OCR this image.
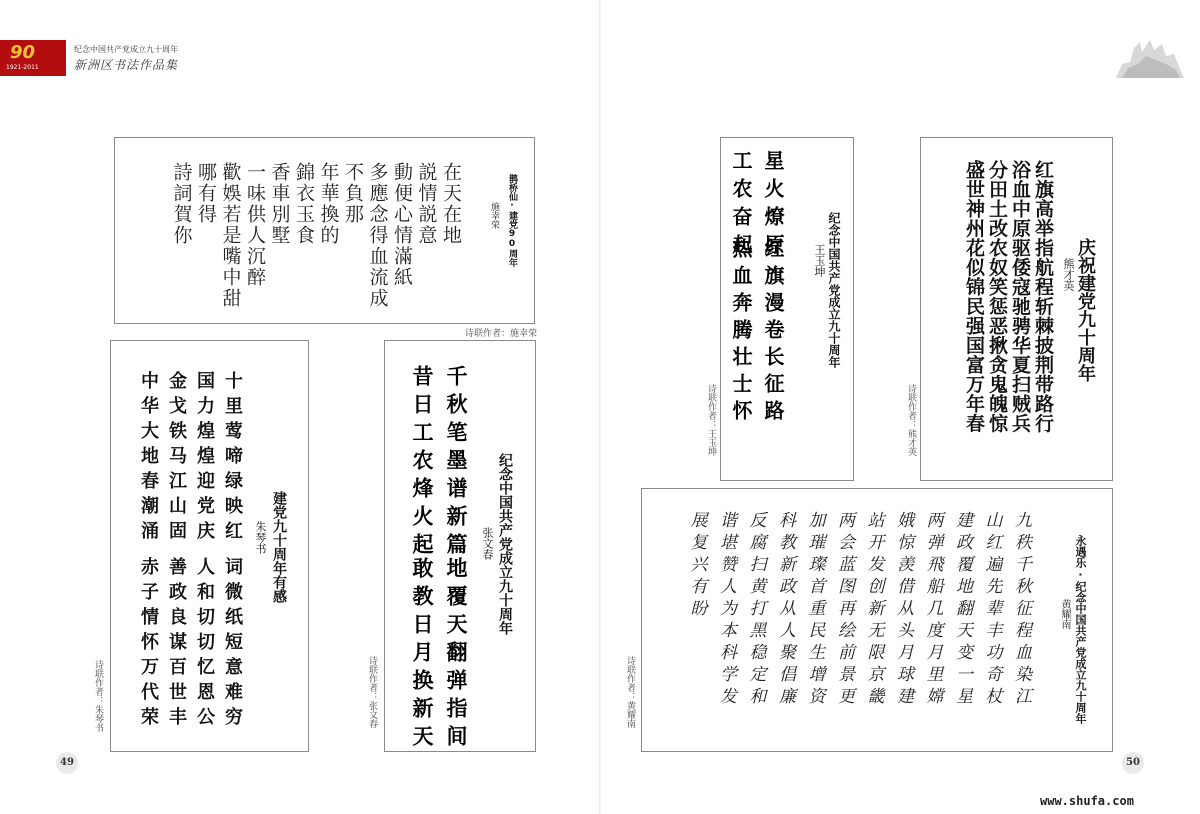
90
1921-2011
纪念中国共产党成立九十周年
新洲区书法作品集
鹊桥仙·建党90周年
施幸荣
在天在地
説情説意
動便心情滿紙
多應念得血流成
不負那
年華換的
錦衣玉食
香車別墅
一味供人沉醉
歡娛若是嘴中甜
哪有得
詩詞賀你
诗联作者：施幸荣
建党九十周年有感
朱琴书
十里莺啼绿映红
国力煌煌迎党庆
金戈铁马江山固
中华大地春潮涌
词微纸短意难穷
人和切切忆恩公
善政良谋百世丰
赤子情怀万代荣
诗联作者：朱琴书
纪念中国共产党成立九十周年
张文春
千秋笔墨谱新篇
昔日工农烽火起
地覆天翻弹指间
敢教日月换新天
诗联作者：张文春
纪念中国共产党成立九十周年
王玉坤
星火燎原
工农奋起
红旗漫卷长征路
热血奔腾壮士怀
诗联作者：王玉坤
庆祝建党九十周年
熊才英
红旗高举指航程斩棘披荆带路行
浴血中原驱倭寇驰骋华夏扫贼兵
分田土改农奴笑惩恶揪贪鬼魄惊
盛世神州花似锦民强国富万年春
诗联作者：熊才英
永遇乐·纪念中国共产党成立九十周年
黄耀南
九秩千秋征程血染江
山红遍先辈丰功奇杖
建政覆地翻天变一星
两弹飛船几度月里嫦
娥惊羡借从头月球建
站开发创新无限京畿
两会蓝图再绘前景更
加璀璨首重民生增资
科教新政从人聚倡廉
反腐扫黄打黑稳定和
谐堪赞人为本科学发
展复兴有盼
诗联作者：黄耀南
49	50
www.shufa.com
